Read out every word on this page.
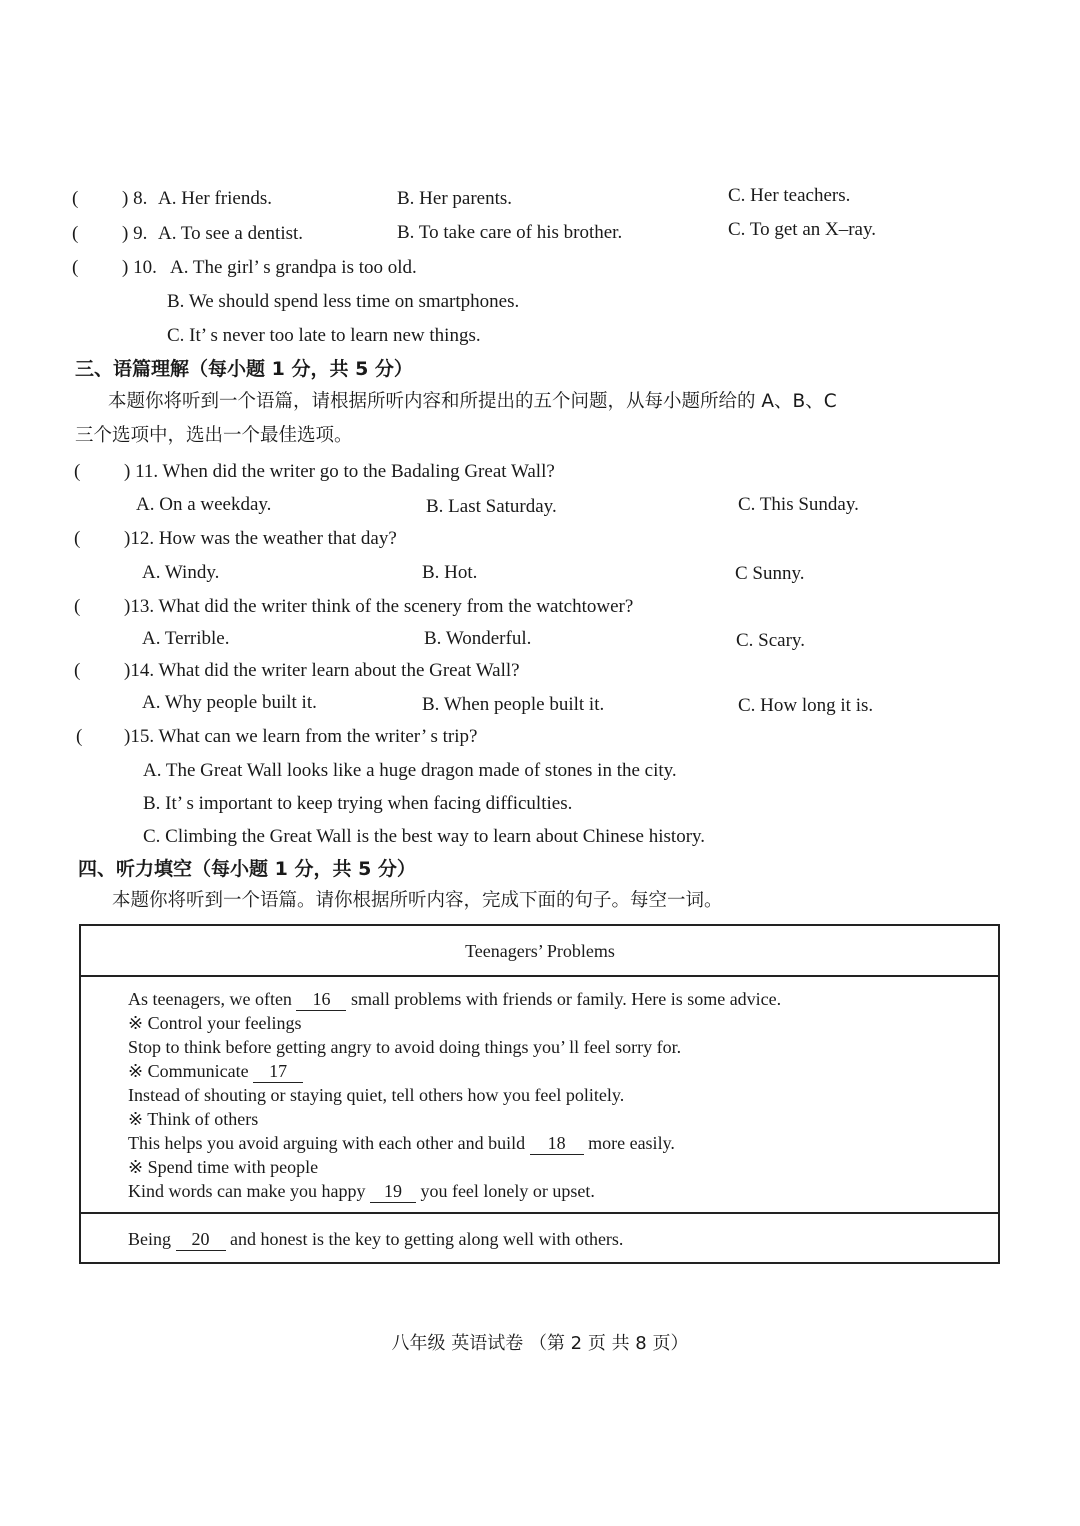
( ) 8. A. Her friends.	B. Her parents.	C. Her teachers.
( ) 9. A. To see a dentist.	B. To take care of his brother.	C. To get an X–ray.
( ) 10. A. The girl’ s grandpa is too old.
B. We should spend less time on smartphones.
C. It’ s never too late to learn new things.
三、语篇理解（每小题 1 分，共 5 分）
本题你将听到一个语篇，请根据所听内容和所提出的五个问题，从每小题所给的 A、B、C
三个选项中，选出一个最佳选项。
( ) 11. When did the writer go to the Badaling Great Wall?
A. On a weekday.	B. Last Saturday.	C. This Sunday.
( )12. How was the weather that day?
A. Windy.	B. Hot.	C Sunny.
( )13. What did the writer think of the scenery from the watchtower?
A. Terrible.	B. Wonderful.	C. Scary.
( )14. What did the writer learn about the Great Wall?
A. Why people built it.	B. When people built it.	C. How long it is.
( )15. What can we learn from the writer’ s trip?
A. The Great Wall looks like a huge dragon made of stones in the city.
B. It’ s important to keep trying when facing difficulties.
C. Climbing the Great Wall is the best way to learn about Chinese history.
四、听力填空（每小题 1 分，共 5 分）
本题你将听到一个语篇。请你根据所听内容，完成下面的句子。每空一词。
Teenagers’ Problems
As teenagers, we often 16 small problems with friends or family. Here is some advice.
※ Control your feelings
Stop to think before getting angry to avoid doing things you’ ll feel sorry for.
※ Communicate 17
Instead of shouting or staying quiet, tell others how you feel politely.
※ Think of others
This helps you avoid arguing with each other and build 18 more easily.
※ Spend time with people
Kind words can make you happy 19 you feel lonely or upset.
Being 20 and honest is the key to getting along well with others.
八年级 英语试卷 （第 2 页 共 8 页）
